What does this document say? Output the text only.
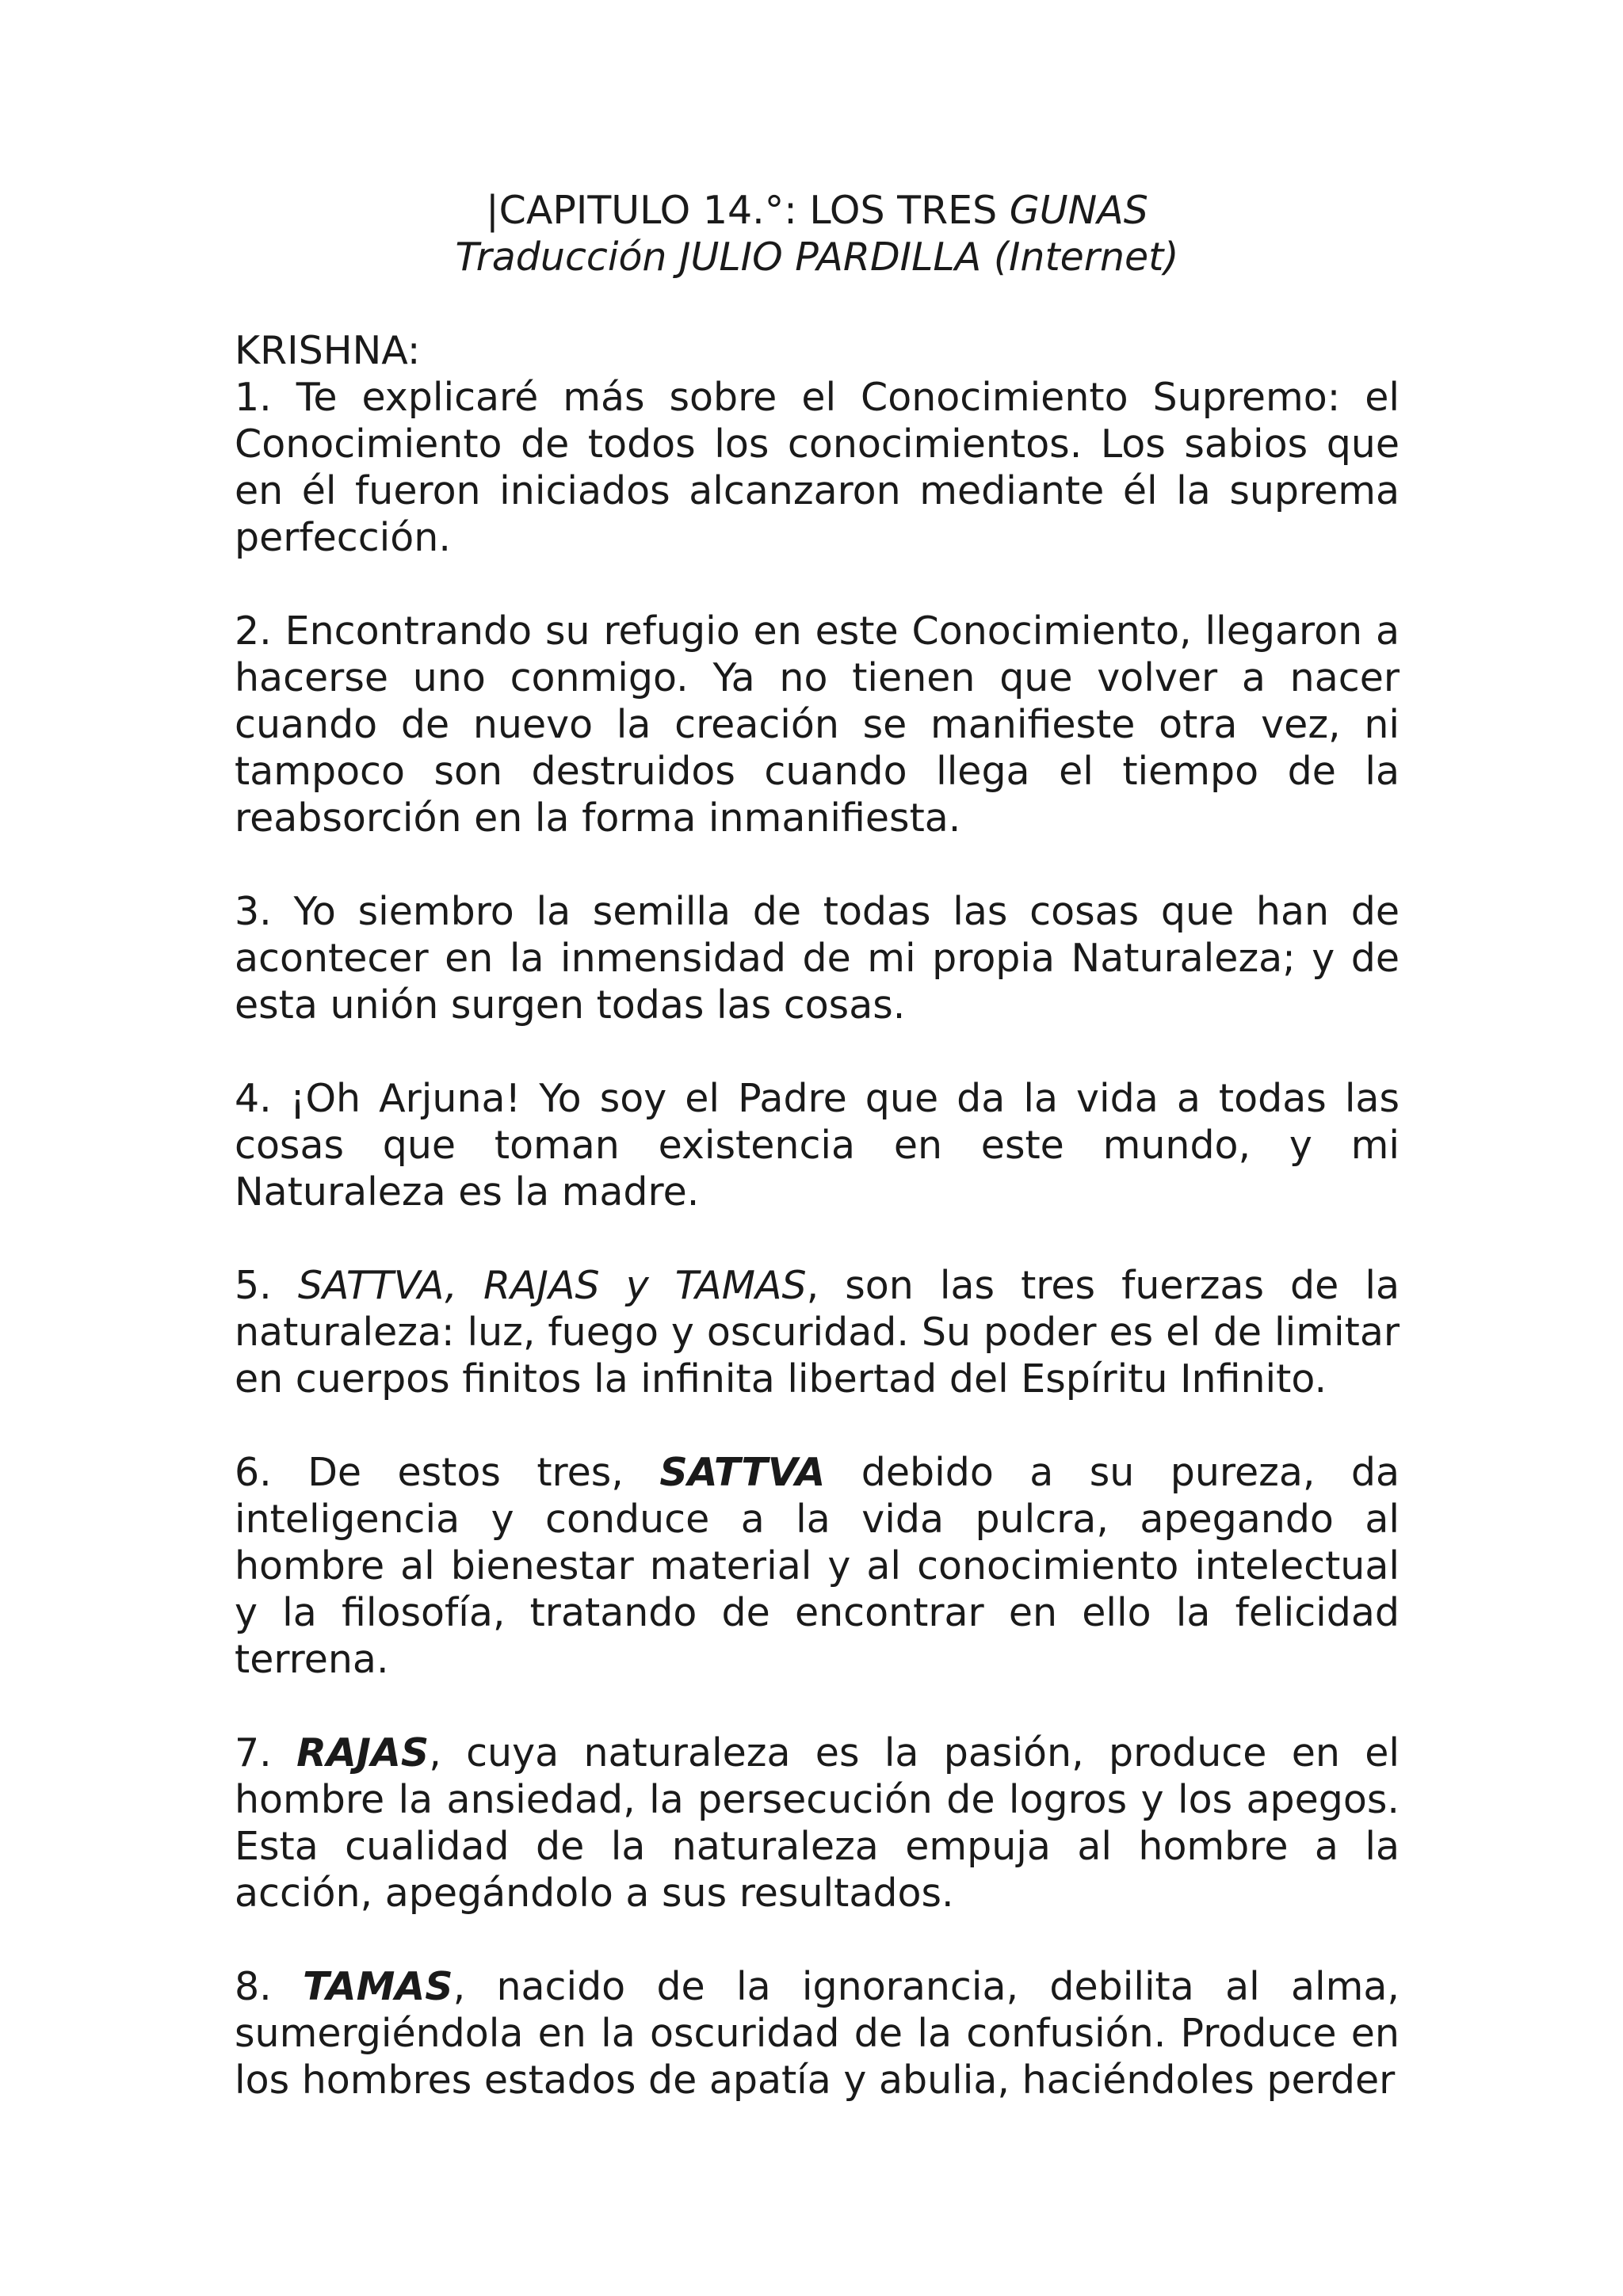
|CAPITULO 14.°: LOS TRES GUNAS
Traducción JULIO PARDILLA (Internet)
KRISHNA:

1. Te explicaré más sobre el Conocimiento Supremo: el Conocimiento de todos los conocimientos. Los sabios que en él fueron iniciados alcanzaron mediante él la suprema perfección.

2. Encontrando su refugio en este Conocimiento, llegaron a hacerse uno conmigo. Ya no tienen que volver a nacer cuando de nuevo la creación se manifieste otra vez, ni tampoco son destruidos cuando llega el tiempo de la reabsorción en la forma inmanifiesta.

3. Yo siembro la semilla de todas las cosas que han de acontecer en la inmensidad de mi propia Naturaleza; y de esta unión surgen todas las cosas.

4. ¡Oh Arjuna! Yo soy el Padre que da la vida a todas las cosas que toman existencia en este mundo, y mi Naturaleza es la madre.

5. SATTVA, RAJAS y TAMAS, son las tres fuerzas de la naturaleza: luz, fuego y oscuridad. Su poder es el de limitar en cuerpos finitos la infinita libertad del Espíritu Infinito.

6. De estos tres, SATTVA debido a su pureza, da inteligencia y conduce a la vida pulcra, apegando al hombre al bienestar material y al conocimiento intelectual y la filosofía, tratando de encontrar en ello la felicidad terrena.

7. RAJAS, cuya naturaleza es la pasión, produce en el hombre la ansiedad, la persecución de logros y los apegos. Esta cualidad de la naturaleza empuja al hombre a la acción, apegándolo a sus resultados.

8. TAMAS, nacido de la ignorancia, debilita al alma, sumergiéndola en la oscuridad de la confusión. Produce en los hombres estados de apatía y abulia, haciéndoles perder
